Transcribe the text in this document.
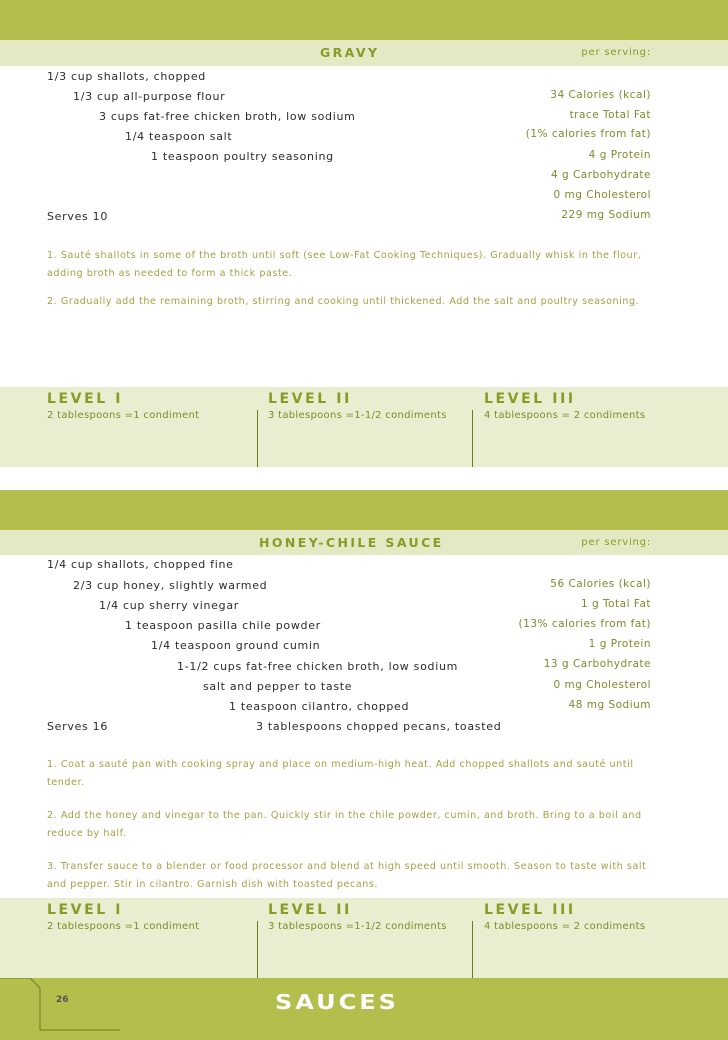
GRAVY	per serving:
1/3 cup shallots, chopped
1/3 cup all-purpose flour
3 cups fat-free chicken broth, low sodium
1/4 teaspoon salt
1 teaspoon poultry seasoning
Serves 10
34 Calories (kcal)
trace Total Fat
(1% calories from fat)
4 g Protein
4 g Carbohydrate
0 mg Cholesterol
229 mg Sodium
1. Sauté shallots in some of the broth until soft (see Low-Fat Cooking Techniques). Gradually whisk in the flour, adding broth as needed to form a thick paste.
2. Gradually add the remaining broth, stirring and cooking until thickened. Add the salt and poultry seasoning.
LEVEL I
2 tablespoons =1 condiment
LEVEL II
3 tablespoons =1-1/2 condiments
LEVEL III
4 tablespoons = 2 condiments
HONEY-CHILE SAUCE	per serving:
1/4 cup shallots, chopped fine
2/3 cup honey, slightly warmed
1/4 cup sherry vinegar
1 teaspoon pasilla chile powder
1/4 teaspoon ground cumin
1-1/2 cups fat-free chicken broth, low sodium
salt and pepper to taste
1 teaspoon cilantro, chopped
Serves 16	3 tablespoons chopped pecans, toasted
56 Calories (kcal)
1 g Total Fat
(13% calories from fat)
1 g Protein
13 g Carbohydrate
0 mg Cholesterol
48 mg Sodium
1. Coat a sauté pan with cooking spray and place on medium-high heat. Add chopped shallots and sauté until tender.
2. Add the honey and vinegar to the pan. Quickly stir in the chile powder, cumin, and broth. Bring to a boil and reduce by half.
3. Transfer sauce to a blender or food processor and blend at high speed until smooth. Season to taste with salt and pepper. Stir in cilantro. Garnish dish with toasted pecans.
LEVEL I
2 tablespoons =1 condiment
LEVEL II
3 tablespoons =1-1/2 condiments
LEVEL III
4 tablespoons = 2 condiments
26	SAUCES
